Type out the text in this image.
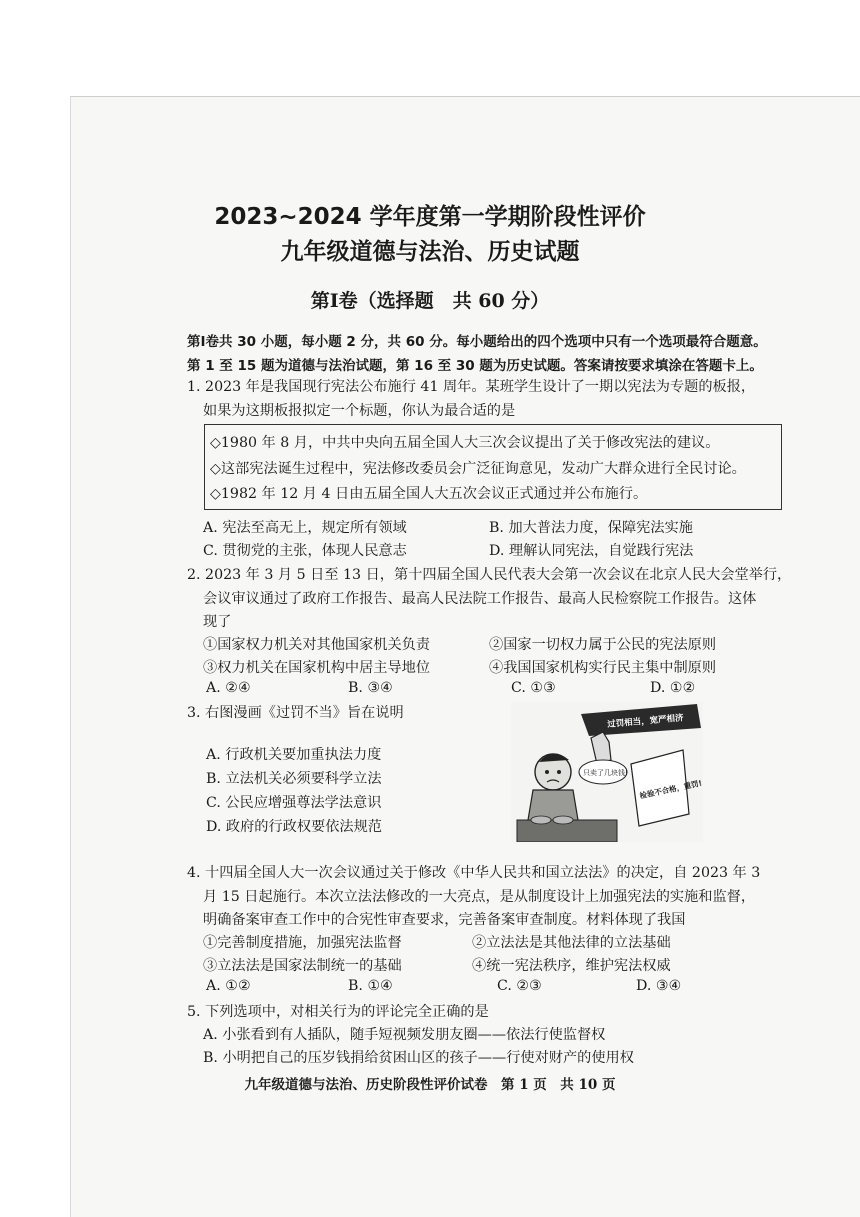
2023~2024 学年度第一学期阶段性评价
九年级道德与法治、历史试题
第Ⅰ卷（选择题　共 60 分）
第Ⅰ卷共 30 小题，每小题 2 分，共 60 分。每小题给出的四个选项中只有一个选项最符合题意。
第 1 至 15 题为道德与法治试题，第 16 至 30 题为历史试题。答案请按要求填涂在答题卡上。
1. 2023 年是我国现行宪法公布施行 41 周年。某班学生设计了一期以宪法为专题的板报，
如果为这期板报拟定一个标题，你认为最合适的是
◇1980 年 8 月，中共中央向五届全国人大三次会议提出了关于修改宪法的建议。
◇这部宪法诞生过程中，宪法修改委员会广泛征询意见，发动广大群众进行全民讨论。
◇1982 年 12 月 4 日由五届全国人大五次会议正式通过并公布施行。
A. 宪法至高无上，规定所有领域	B. 加大普法力度，保障宪法实施
C. 贯彻党的主张，体现人民意志	D. 理解认同宪法，自觉践行宪法
2. 2023 年 3 月 5 日至 13 日，第十四届全国人民代表大会第一次会议在北京人民大会堂举行，
会议审议通过了政府工作报告、最高人民法院工作报告、最高人民检察院工作报告。这体
现了
①国家权力机关对其他国家机关负责	②国家一切权力属于公民的宪法原则
③权力机关在国家机构中居主导地位	④我国国家机构实行民主集中制原则
A. ②④	B. ③④	C. ①③	D. ①②
3. 右图漫画《过罚不当》旨在说明
A. 行政机关要加重执法力度
B. 立法机关必须要科学立法
C. 公民应增强尊法学法意识
D. 政府的行政权要依法规范
过罚相当，宽严相济
只卖了几块钱!
检验不合格，重罚!
4. 十四届全国人大一次会议通过关于修改《中华人民共和国立法法》的决定，自 2023 年 3
月 15 日起施行。本次立法法修改的一大亮点，是从制度设计上加强宪法的实施和监督，
明确备案审查工作中的合宪性审查要求，完善备案审查制度。材料体现了我国
①完善制度措施，加强宪法监督	②立法法是其他法律的立法基础
③立法法是国家法制统一的基础	④统一宪法秩序，维护宪法权威
A. ①②	B. ①④	C. ②③	D. ③④
5. 下列选项中，对相关行为的评论完全正确的是
A. 小张看到有人插队，随手短视频发朋友圈——依法行使监督权
B. 小明把自己的压岁钱捐给贫困山区的孩子——行使对财产的使用权
九年级道德与法治、历史阶段性评价试卷　第 1 页　共 10 页
